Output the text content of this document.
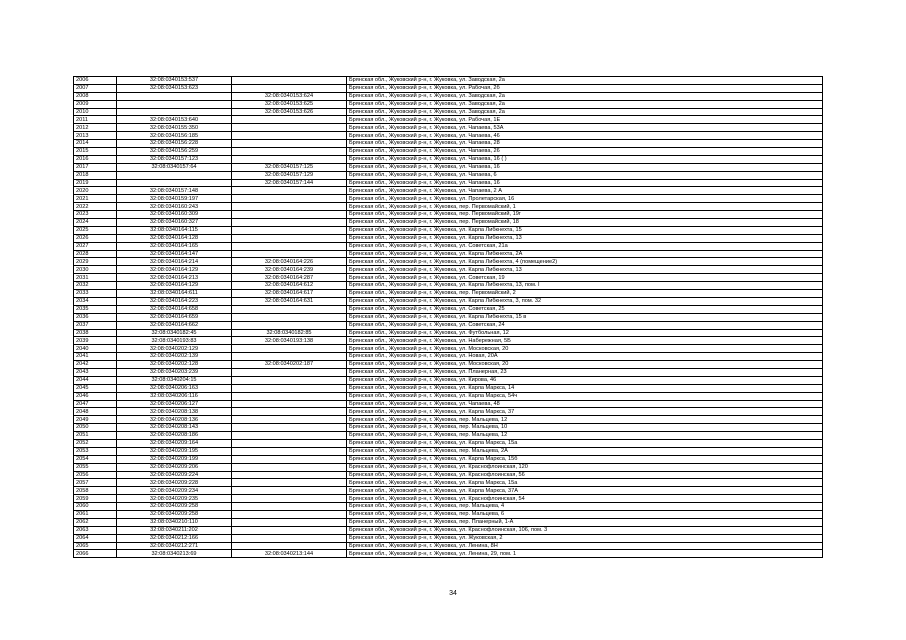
2006	32:08:0340153:537		Брянская обл., Жуковский р-н, г. Жуковка, ул. Заводская, 2а
2007	32:08:0340153:623		Брянская обл., Жуковский р-н, г. Жуковка, ул. Рабочая, 2б
2008		32:08:0340153:624	Брянская обл., Жуковский р-н, г. Жуковка, ул. Заводская, 2а
2009		32:08:0340153:625	Брянская обл., Жуковский р-н, г. Жуковка, ул. Заводская, 2а
2010		32:08:0340153:626	Брянская обл., Жуковский р-н, г. Жуковка, ул. Заводская, 2а
2011	32:08:0340153:640		Брянская обл., Жуковский р-н, г. Жуковка, ул. Рабочая, 1Е
2012	32:08:0340155:350		Брянская обл., Жуковский р-н, г. Жуковка, ул. Чапаева, 53А
2013	32:08:0340156:185		Брянская обл., Жуковский р-н, г. Жуковка, ул. Чапаева, 46
2014	32:08:0340156:228		Брянская обл., Жуковский р-н, г. Жуковка, ул. Чапаева, 28
2015	32:08:0340156:259		Брянская обл., Жуковский р-н, г. Жуковка, ул. Чапаева, 26
2016	32:08:0340157:123		Брянская обл., Жуковский р-н, г. Жуковка, ул. Чапаева, 16 ( )
2017	32:08:0340157:64	32:08:0340157:125	Брянская обл., Жуковский р-н, г. Жуковка, ул. Чапаева, 16
2018		32:08:0340157:129	Брянская обл., Жуковский р-н, г. Жуковка, ул. Чапаева, 6
2019		32:08:0340157:144	Брянская обл., Жуковский р-н, г. Жуковка, ул. Чапаева, 16
2020	32:08:0340157:148		Брянская обл., Жуковский р-н, г. Жуковка, ул. Чапаева, 2 А
2021	32:08:0340159:197		Брянская обл., Жуковский р-н, г. Жуковка, ул. Пролетарская, 16
2022	32:08:0340160:243		Брянская обл., Жуковский р-н, г. Жуковка, пер. Первомайский, 1
2023	32:08:0340160:309		Брянская обл., Жуковский р-н, г. Жуковка, пер. Первомайский, 19г
2024	32:08:0340160:327		Брянская обл., Жуковский р-н, г. Жуковка, пер. Первомайский, 18
2025	32:08:0340164:115		Брянская обл., Жуковский р-н, г. Жуковка, ул. Карла Либкнехта, 15
2026	32:08:0340164:128		Брянская обл., Жуковский р-н, г. Жуковка, ул. Карла Либкнехта, 13
2027	32:08:0340164:165		Брянская обл., Жуковский р-н, г. Жуковка, ул. Советская, 21а
2028	32:08:0340164:147		Брянская обл., Жуковский р-н, г. Жуковка, ул. Карла Либкнехта, 2А
2029	32:08:0340164:214	32:08:0340164:226	Брянская обл., Жуковский р-н, г. Жуковка, ул. Карла Либкнехта, 4 (помещение2)
2030	32:08:0340164:129	32:08:0340164:239	Брянская обл., Жуковский р-н, г. Жуковка, ул. Карла Либкнехта, 13
2031	32:08:0340164:213	32:08:0340164:287	Брянская обл., Жуковский р-н, г. Жуковка, ул. Советская, 19
2032	32:08:0340164:129	32:08:0340164:612	Брянская обл., Жуковский р-н, г. Жуковка, ул. Карла Либкнехта, 13, пом. I
2033	32:08:0340164:611	32:08:0340164:617	Брянская обл., Жуковский р-н, г. Жуковка, пер. Первомайский, 2
2034	32:08:0340164:223	32:08:0340164:631	Брянская обл., Жуковский р-н, г. Жуковка, ул. Карла Либкнехта, 3, пом. 32
2035	32:08:0340164:658		Брянская обл., Жуковский р-н, г. Жуковка, ул. Советская, 25
2036	32:08:0340164:659		Брянская обл., Жуковский р-н, г. Жуковка, ул. Карла Либкнехта, 15 в
2037	32:08:0340164:662		Брянская обл., Жуковский р-н, г. Жуковка, ул. Советская, 24
2038	32:08:0340182:45	32:08:0340182:85	Брянская обл., Жуковский р-н, г. Жуковка, ул. Футбольная, 12
2039	32:08:0340193:83	32:08:0340193:138	Брянская обл., Жуковский р-н, г. Жуковка, ул. Набережная, 5Б
2040	32:08:0340202:129		Брянская обл., Жуковский р-н, г. Жуковка, ул. Московская, 20
2041	32:08:0340202:139		Брянская обл., Жуковский р-н, г. Жуковка, ул. Новая, 20А
2042	32:08:0340202:128	32:08:0340202:187	Брянская обл., Жуковский р-н, г. Жуковка, ул. Московская, 20
2043	32:08:0340203:239		Брянская обл., Жуковский р-н, г. Жуковка, ул. Планерная, 23
2044	32:08:0340204:15		Брянская обл., Жуковский р-н, г. Жуковка, ул. Кирова, 46
2045	32:08:0340206:163		Брянская обл., Жуковский р-н, г. Жуковка, ул. Карла Маркса, 14
2046	32:08:0340206:116		Брянская обл., Жуковский р-н, г. Жуковка, ул. Карла Маркса, 54ч
2047	32:08:0340206:127		Брянская обл., Жуковский р-н, г. Жуковка, ул. Чапаева, 48
2048	32:08:0340208:138		Брянская обл., Жуковский р-н, г. Жуковка, ул. Карла Маркса, 37
2049	32:08:0340208:136		Брянская обл., Жуковский р-н, г. Жуковка, пер. Мальцева, 12
2050	32:08:0340208:143		Брянская обл., Жуковский р-н, г. Жуковка, пер. Мальцева, 10
2051	32:08:0340208:186		Брянская обл., Жуковский р-н, г. Жуковка, пер. Мальцева, 12
2052	32:08:0340209:164		Брянская обл., Жуковский р-н, г. Жуковка, ул. Карла Маркса, 15а
2053	32:08:0340209:195		Брянская обл., Жуковский р-н, г. Жуковка, пер. Мальцева, 2А
2054	32:08:0340209:199		Брянская обл., Жуковский р-н, г. Жуковка, ул. Карла Маркса, 15б
2055	32:08:0340209:206		Брянская обл., Жуковский р-н, г. Жуковка, ул. Краснофлоинская, 120
2056	32:08:0340209:224		Брянская обл., Жуковский р-н, г. Жуковка, ул. Краснофлоинская, 56
2057	32:08:0340209:228		Брянская обл., Жуковский р-н, г. Жуковка, ул. Карла Маркса, 15а
2058	32:08:0340209:234		Брянская обл., Жуковский р-н, г. Жуковка, ул. Карла Маркса, 37А
2059	32:08:0340209:235		Брянская обл., Жуковский р-н, г. Жуковка, ул. Краснофлоинская, 54
2060	32:08:0340209:258		Брянская обл., Жуковский р-н, г. Жуковка, пер. Мальцева, 4
2061	32:08:0340209:258		Брянская обл., Жуковский р-н, г. Жуковка, пер. Мальцева, 6
2062	32:08:0340210:110		Брянская обл., Жуковский р-н, г. Жуковка, пер. Планерный, 1-А
2063	32:08:0340211:202		Брянская обл., Жуковский р-н, г. Жуковка, ул. Краснофлоинская, 106, пом. 3
2064	32:08:0340212:166		Брянская обл., Жуковский р-н, г. Жуковка, ул. Жуковская, 2
2065	32:08:0340212:271		Брянская обл., Жуковский р-н, г. Жуковка, ул. Ленина, 8Н
2066	32:08:0340213:69	32:08:0340213:144	Брянская обл., Жуковский р-н, г. Жуковка, ул. Ленина, 29, пом. 1
34
